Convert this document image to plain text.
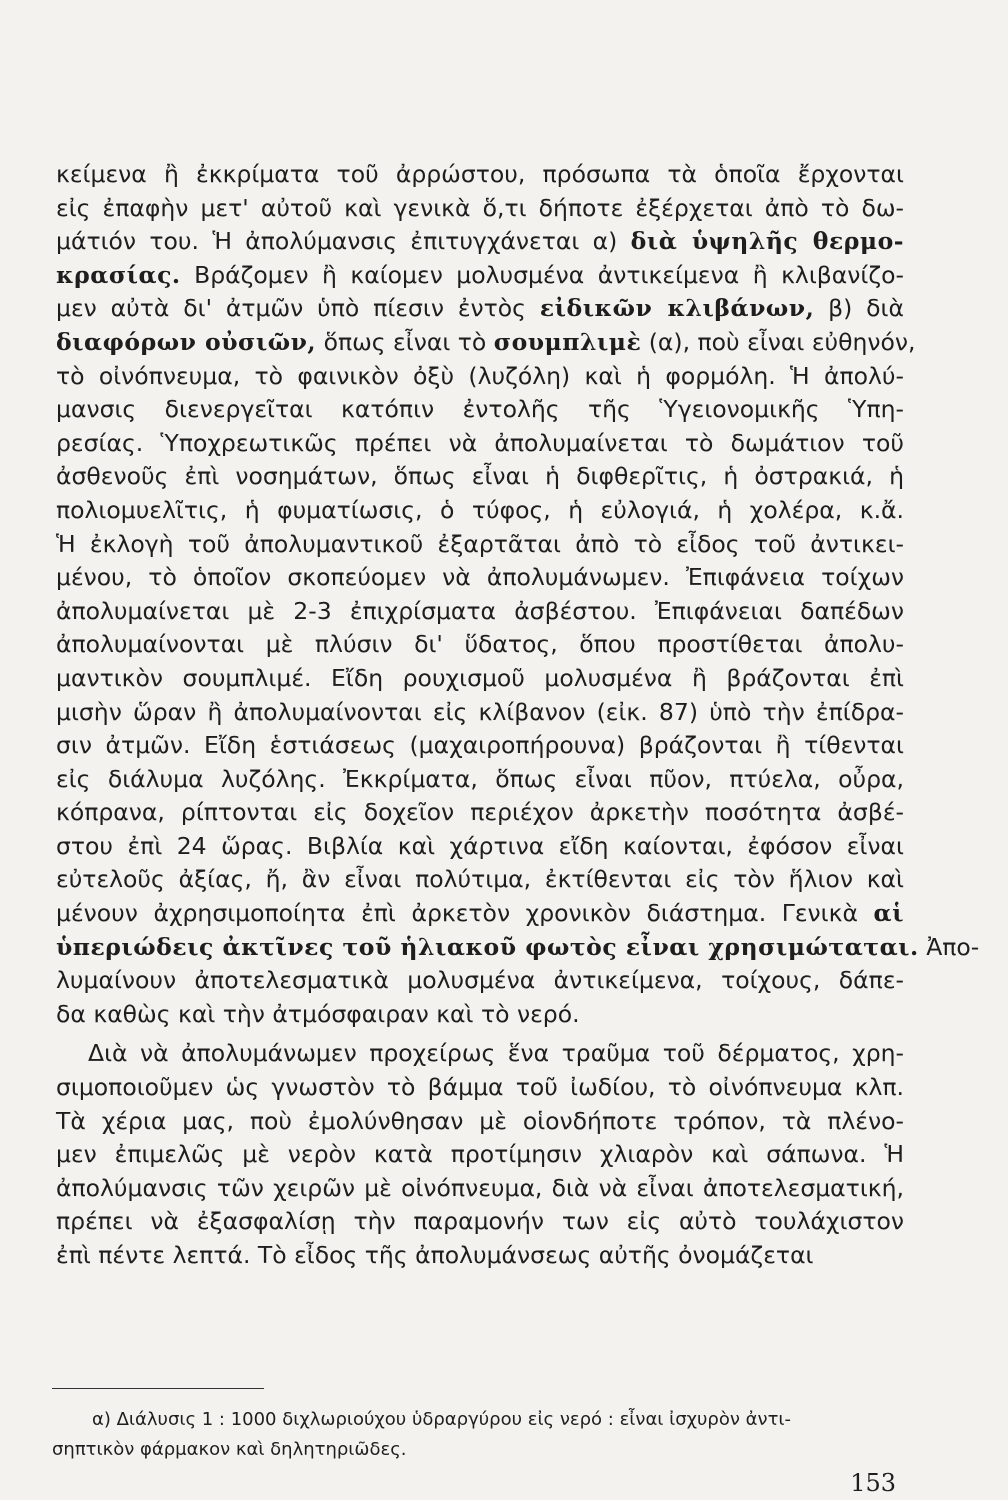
κείμενα ἢ ἐκκρίματα τοῦ ἀρρώστου, πρόσωπα τὰ ὁποῖα ἔρχονται
εἰς ἐπαφὴν μετ' αὐτοῦ καὶ γενικὰ ὅ,τι δήποτε ἐξέρχεται ἀπὸ τὸ δω-
μάτιόν του. Ἡ ἀπολύμανσις ἐπιτυγχάνεται α) διὰ ὑψηλῆς θερμο-
κρασίας. Βράζομεν ἢ καίομεν μολυσμένα ἀντικείμενα ἢ κλιβανίζο-
μεν αὐτὰ δι' ἀτμῶν ὑπὸ πίεσιν ἐντὸς εἰδικῶν κλιβάνων, β) διὰ
διαφόρων οὐσιῶν, ὅπως εἶναι τὸ σουμπλιμὲ (α), ποὺ εἶναι εὐθηνόν,
τὸ οἰνόπνευμα, τὸ φαινικὸν ὀξὺ (λυζόλη) καὶ ἡ φορμόλη. Ἡ ἀπολύ-
μανσις διενεργεῖται κατόπιν ἐντολῆς τῆς Ὑγειονομικῆς Ὑπη-
ρεσίας. Ὑποχρεωτικῶς πρέπει νὰ ἀπολυμαίνεται τὸ δωμάτιον τοῦ
ἀσθενοῦς ἐπὶ νοσημάτων, ὅπως εἶναι ἡ διφθερῖτις, ἡ ὀστρακιά, ἡ
πολιομυελῖτις, ἡ φυματίωσις, ὁ τύφος, ἡ εὐλογιά, ἡ χολέρα, κ.ἄ.
Ἡ ἐκλογὴ τοῦ ἀπολυμαντικοῦ ἐξαρτᾶται ἀπὸ τὸ εἶδος τοῦ ἀντικει-
μένου, τὸ ὁποῖον σκοπεύομεν νὰ ἀπολυμάνωμεν. Ἐπιφάνεια τοίχων
ἀπολυμαίνεται μὲ 2-3 ἐπιχρίσματα ἀσβέστου. Ἐπιφάνειαι δαπέδων
ἀπολυμαίνονται μὲ πλύσιν δι' ὕδατος, ὅπου προστίθεται ἀπολυ-
μαντικὸν σουμπλιμέ. Εἴδη ρουχισμοῦ μολυσμένα ἢ βράζονται ἐπὶ
μισὴν ὥραν ἢ ἀπολυμαίνονται εἰς κλίβανον (εἰκ. 87) ὑπὸ τὴν ἐπίδρα-
σιν ἀτμῶν. Εἴδη ἑστιάσεως (μαχαιροπήρουνα) βράζονται ἢ τίθενται
εἰς διάλυμα λυζόλης. Ἐκκρίματα, ὅπως εἶναι πῦον, πτύελα, οὖρα,
κόπρανα, ρίπτονται εἰς δοχεῖον περιέχον ἀρκετὴν ποσότητα ἀσβέ-
στου ἐπὶ 24 ὥρας. Βιβλία καὶ χάρτινα εἴδη καίονται, ἐφόσον εἶναι
εὐτελοῦς ἀξίας, ἤ, ἂν εἶναι πολύτιμα, ἐκτίθενται εἰς τὸν ἥλιον καὶ
μένουν ἀχρησιμοποίητα ἐπὶ ἀρκετὸν χρονικὸν διάστημα. Γενικὰ αἱ
ὑπεριώδεις ἀκτῖνες τοῦ ἡλιακοῦ φωτὸς εἶναι χρησιμώταται. Ἀπο-
λυμαίνουν ἀποτελεσματικὰ μολυσμένα ἀντικείμενα, τοίχους, δάπε-
δα καθὼς καὶ τὴν ἀτμόσφαιραν καὶ τὸ νερό.
Διὰ νὰ ἀπολυμάνωμεν προχείρως ἕνα τραῦμα τοῦ δέρματος, χρη-
σιμοποιοῦμεν ὡς γνωστὸν τὸ βάμμα τοῦ ἰωδίου, τὸ οἰνόπνευμα κλπ.
Τὰ χέρια μας, ποὺ ἐμολύνθησαν μὲ οἱονδήποτε τρόπον, τὰ πλένο-
μεν ἐπιμελῶς μὲ νερὸν κατὰ προτίμησιν χλιαρὸν καὶ σάπωνα. Ἡ
ἀπολύμανσις τῶν χειρῶν μὲ οἰνόπνευμα, διὰ νὰ εἶναι ἀποτελεσματική,
πρέπει νὰ ἐξασφαλίσῃ τὴν παραμονήν των εἰς αὐτὸ τουλάχιστον
ἐπὶ πέντε λεπτά. Τὸ εἶδος τῆς ἀπολυμάνσεως αὐτῆς ὀνομάζεται
α) Διάλυσις 1 : 1000 διχλωριούχου ὑδραργύρου εἰς νερό : εἶναι ἰσχυρὸν ἀντι-
σηπτικὸν φάρμακον καὶ δηλητηριῶδες.
153
